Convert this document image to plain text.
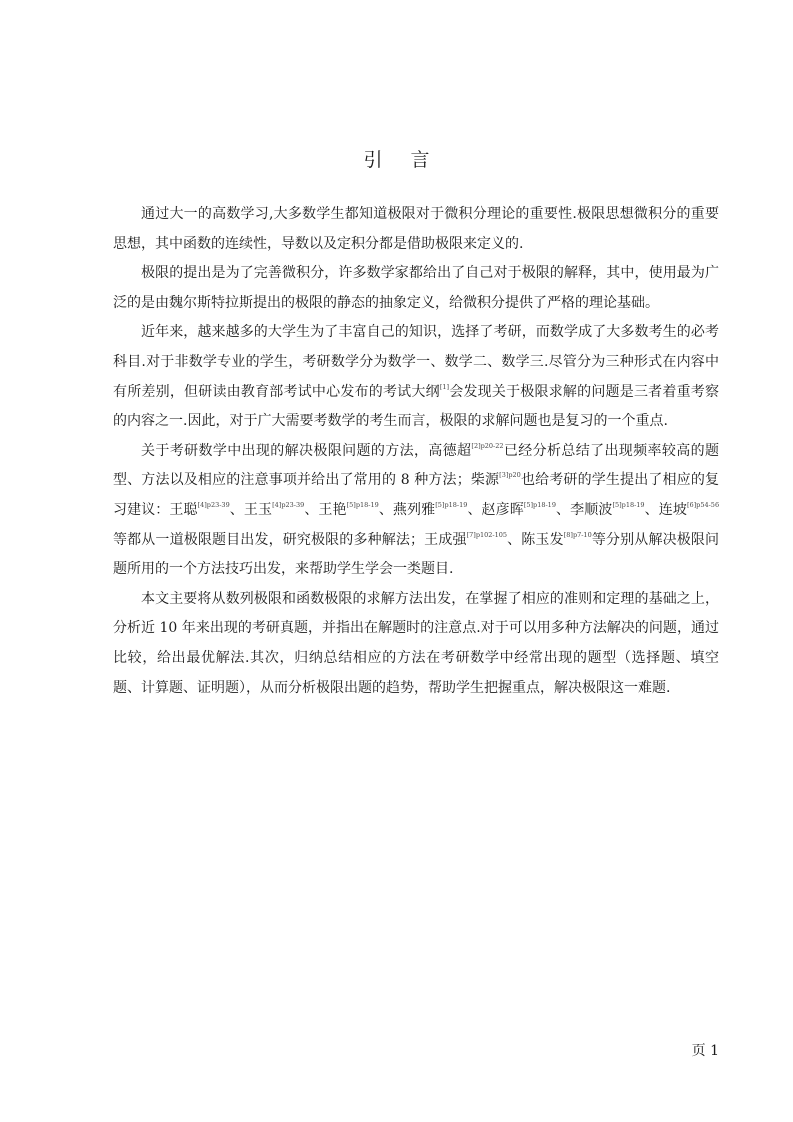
引言

通过大一的高数学习,大多数学生都知道极限对于微积分理论的重要性.极限思想微积分的重要思想，其中函数的连续性，导数以及定积分都是借助极限来定义的.

极限的提出是为了完善微积分，许多数学家都给出了自己对于极限的解释，其中，使用最为广泛的是由魏尔斯特拉斯提出的极限的静态的抽象定义，给微积分提供了严格的理论基础。

近年来，越来越多的大学生为了丰富自己的知识，选择了考研，而数学成了大多数考生的必考科目.对于非数学专业的学生，考研数学分为数学一、数学二、数学三.尽管分为三种形式在内容中有所差别，但研读由教育部考试中心发布的考试大纲[1]会发现关于极限求解的问题是三者着重考察的内容之一.因此，对于广大需要考数学的考生而言，极限的求解问题也是复习的一个重点.

关于考研数学中出现的解决极限问题的方法，高德超$^{[2]p20-22}$已经分析总结了出现频率较高的题型、方法以及相应的注意事项并给出了常用的 8 种方法；柴源$^{[3]p20}$也给考研的学生提出了相应的复习建议：王聪$^{[4]p23-39}$、王玉$^{[4]p23-39}$、王艳$^{[5]p18-19}$、燕列雅$^{[5]p18-19}$、赵彦晖$^{[5]p18-19}$、李顺波$^{[5]p18-19}$、连坡$^{[6]p54-56}$等都从一道极限题目出发，研究极限的多种解法；王成强$^{[7]p102-105}$、陈玉发$^{[8]p7-10}$等分别从解决极限问题所用的一个方法技巧出发，来帮助学生学会一类题目.

本文主要将从数列极限和函数极限的求解方法出发，在掌握了相应的准则和定理的基础之上，分析近 10 年来出现的考研真题，并指出在解题时的注意点.对于可以用多种方法解决的问题，通过比较，给出最优解法.其次，归纳总结相应的方法在考研数学中经常出现的题型（选择题、填空题、计算题、证明题），从而分析极限出题的趋势，帮助学生把握重点，解决极限这一难题.

页 1
